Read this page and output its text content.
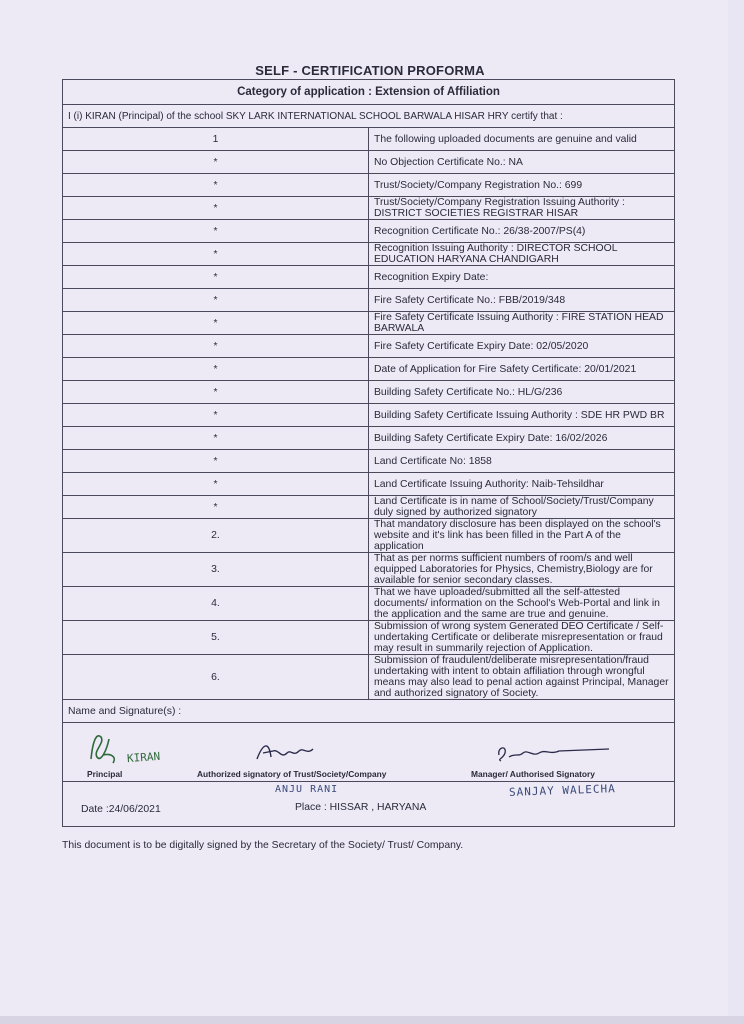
SELF - CERTIFICATION PROFORMA
Category of application : Extension of Affiliation	
I (i) KIRAN (Principal) of the school SKY LARK INTERNATIONAL SCHOOL BARWALA HISAR HRY certify that :	
1	The following uploaded documents are genuine and valid
*	No Objection Certificate No.: NA
*	Trust/Society/Company Registration No.: 699
*	Trust/Society/Company Registration Issuing Authority : DISTRICT SOCIETIES REGISTRAR HISAR
*	Recognition Certificate No.: 26/38-2007/PS(4)
*	Recognition Issuing Authority : DIRECTOR SCHOOL EDUCATION HARYANA CHANDIGARH
*	Recognition Expiry Date:
*	Fire Safety Certificate No.: FBB/2019/348
*	Fire Safety Certificate Issuing Authority : FIRE STATION HEAD BARWALA
*	Fire Safety Certificate Expiry Date: 02/05/2020
*	Date of Application for Fire Safety Certificate: 20/01/2021
*	Building Safety Certificate No.: HL/G/236
*	Building Safety Certificate Issuing Authority : SDE HR PWD BR
*	Building Safety Certificate Expiry Date: 16/02/2026
*	Land Certificate No: 1858
*	Land Certificate Issuing Authority: Naib-Tehsildhar
*	Land Certificate is in name of School/Society/Trust/Company duly signed by authorized signatory
2.	That mandatory disclosure has been displayed on the school's website and it's link has been filled in the Part A of the application
3.	That as per norms sufficient numbers of room/s and well equipped Laboratories for Physics, Chemistry,Biology are for available for senior secondary classes.
4.	That we have uploaded/submitted all the self-attested documents/ information on the School's Web-Portal and link in the application and the same are true and genuine.
5.	Submission of wrong system Generated DEO Certificate / Self-undertaking Certificate or deliberate misrepresentation or fraud may result in summarily rejection of Application.
6.	Submission of fraudulent/deliberate misrepresentation/fraud undertaking with intent to obtain affiliation through wrongful means may also lead to penal action against Principal, Manager and authorized signatory of Society.
Name and Signature(s) :	

KIRAN
Principal Authorized signatory of Trust/Society/Company Manager/ Authorised Signatory	

ANJU RANI SANJAY WALECHA
Date :24/06/2021 Place : HISSAR , HARYANA	
This document is to be digitally signed by the Secretary of the Society/ Trust/ Company.
